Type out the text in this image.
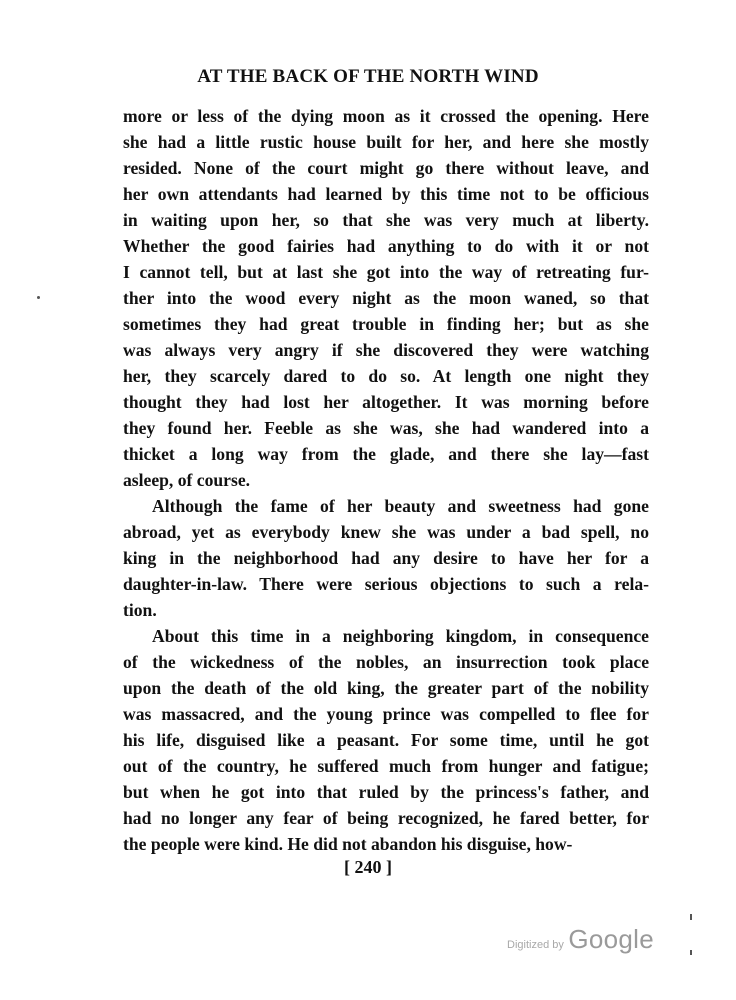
AT THE BACK OF THE NORTH WIND
more or less of the dying moon as it crossed the opening. Here
she had a little rustic house built for her, and here she mostly
resided. None of the court might go there without leave, and
her own attendants had learned by this time not to be officious
in waiting upon her, so that she was very much at liberty.
Whether the good fairies had anything to do with it or not
I cannot tell, but at last she got into the way of retreating fur-
ther into the wood every night as the moon waned, so that
sometimes they had great trouble in finding her; but as she
was always very angry if she discovered they were watching
her, they scarcely dared to do so. At length one night they
thought they had lost her altogether. It was morning before
they found her. Feeble as she was, she had wandered into a
thicket a long way from the glade, and there she lay—fast
asleep, of course.
Although the fame of her beauty and sweetness had gone
abroad, yet as everybody knew she was under a bad spell, no
king in the neighborhood had any desire to have her for a
daughter-in-law. There were serious objections to such a rela-
tion.
About this time in a neighboring kingdom, in consequence
of the wickedness of the nobles, an insurrection took place
upon the death of the old king, the greater part of the nobility
was massacred, and the young prince was compelled to flee for
his life, disguised like a peasant. For some time, until he got
out of the country, he suffered much from hunger and fatigue;
but when he got into that ruled by the princess's father, and
had no longer any fear of being recognized, he fared better, for
the people were kind. He did not abandon his disguise, how-
[ 240 ]
Digitized by Google
